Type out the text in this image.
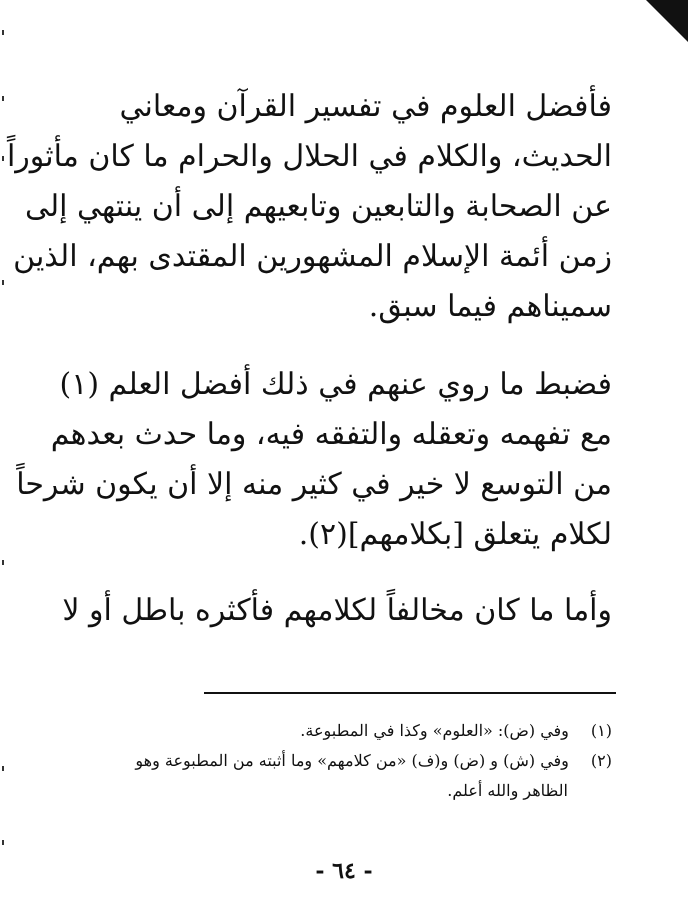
فأفضل العلوم في تفسير القرآن ومعاني
الحديث، والكلام في الحلال والحرام ما كان مأثوراً
عن الصحابة والتابعين وتابعيهم إلى أن ينتهي إلى
زمن أئمة الإسلام المشهورين المقتدى بهم، الذين
سميناهم فيما سبق.

فضبط ما روي عنهم في ذلك أفضل العلم (١)
مع تفهمه وتعقله والتفقه فيه، وما حدث بعدهم
من التوسع لا خير في كثير منه إلا أن يكون شرحاً
لكلام يتعلق [بكلامهم](٢).

وأما ما كان مخالفاً لكلامهم فأكثره باطل أو لا

(١) وفي (ض): «العلوم» وكذا في المطبوعة.
(٢) وفي (ش) و (ض) و(ف) «من كلامهم» وما أثبته من المطبوعة وهو
الظاهر والله أعلم.
- ٦٤ -
